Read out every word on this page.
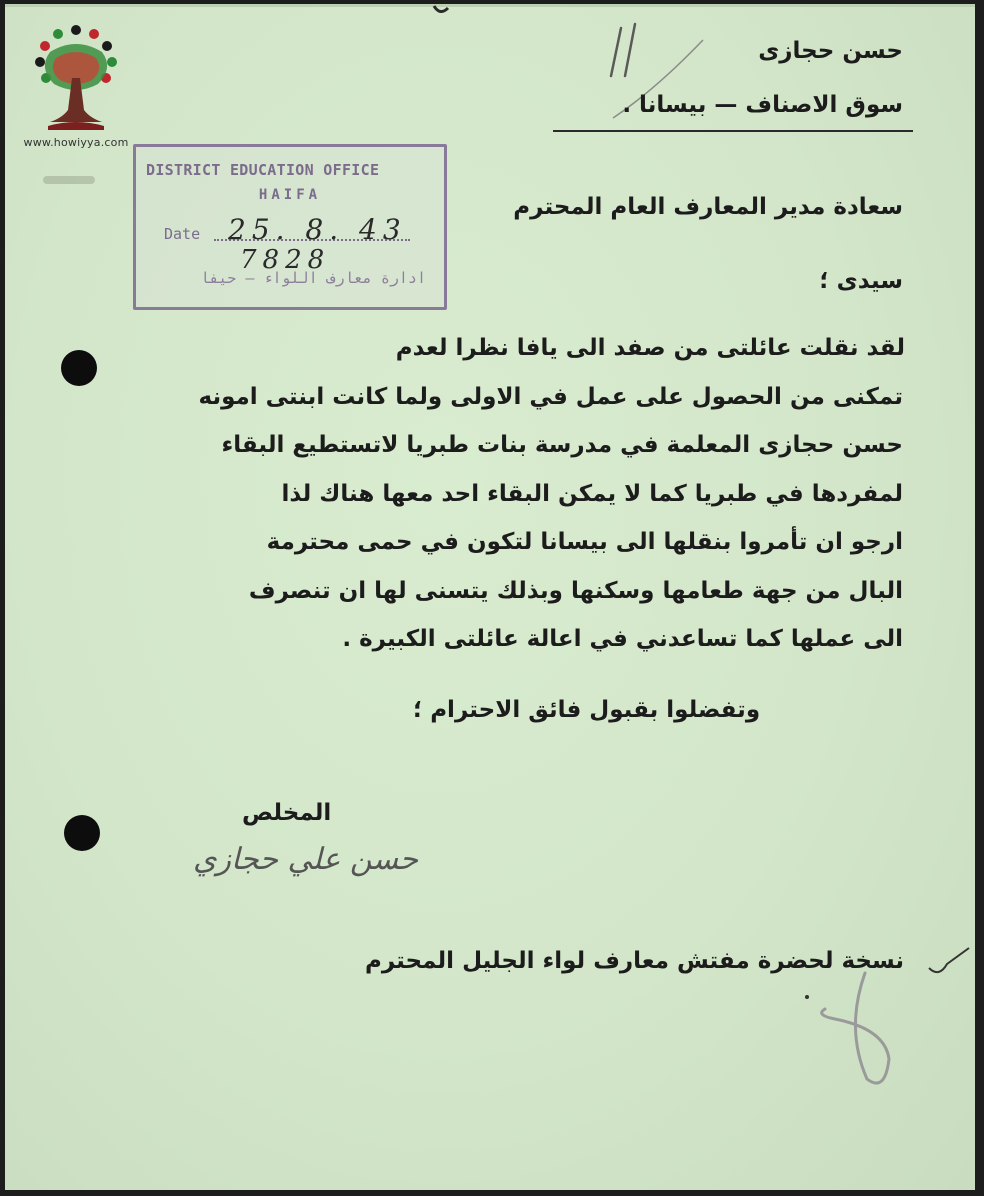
www.howiyya.com
DISTRICT EDUCATION OFFICE
HAIFA
Date 25. 8. 43
7828
ادارة معارف اللواء — حيفا
حسن حجازى
سوق الاصناف — بيسانا .
سعادة مدير المعارف العام المحترم
سيدى ؛
لقد نقلت عائلتى من صفد الى يافا نظرا لعدم
تمكنى من الحصول على عمل في الاولى ولما كانت ابنتى امونه
حسن حجازى المعلمة في مدرسة بنات طبريا لاتستطيع البقاء
لمفردها في طبريا كما لا يمكن البقاء احد معها هناك لذا
ارجو ان تأمروا بنقلها الى بيسانا لتكون في حمى محترمة
البال من جهة طعامها وسكنها وبذلك يتسنى لها ان تنصرف
الى عملها كما تساعدني في اعالة عائلتى الكبيرة .
وتفضلوا بقبول فائق الاحترام ؛
المخلص
حسن علي حجازي
نسخة لحضرة مفتش معارف لواء الجليل المحترم
